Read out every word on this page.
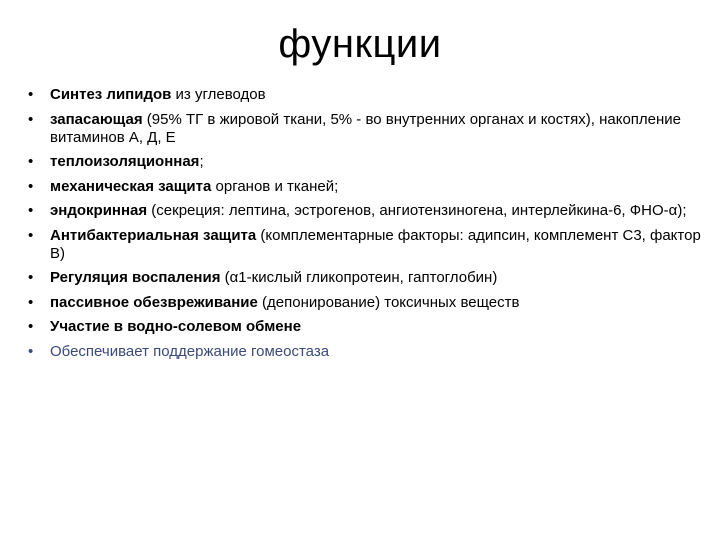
функции
• Синтез липидов из углеводов
• запасающая (95% ТГ в жировой ткани, 5% - во внутренних органах и костях), накопление витаминов А, Д, Е
• теплоизоляционная;
• механическая защита органов и тканей;
• эндокринная (секреция: лептина, эстрогенов, ангиотензиногена, интерлейкина-6, ФНО-α);
• Антибактериальная защита (комплементарные факторы: адипсин, комплемент С3, фактор В)
• Регуляция воспаления (α1-кислый гликопротеин, гаптоглобин)
• пассивное обезвреживание (депонирование) токсичных веществ
• Участие в водно-солевом обмене
• Обеспечивает поддержание гомеостаза
